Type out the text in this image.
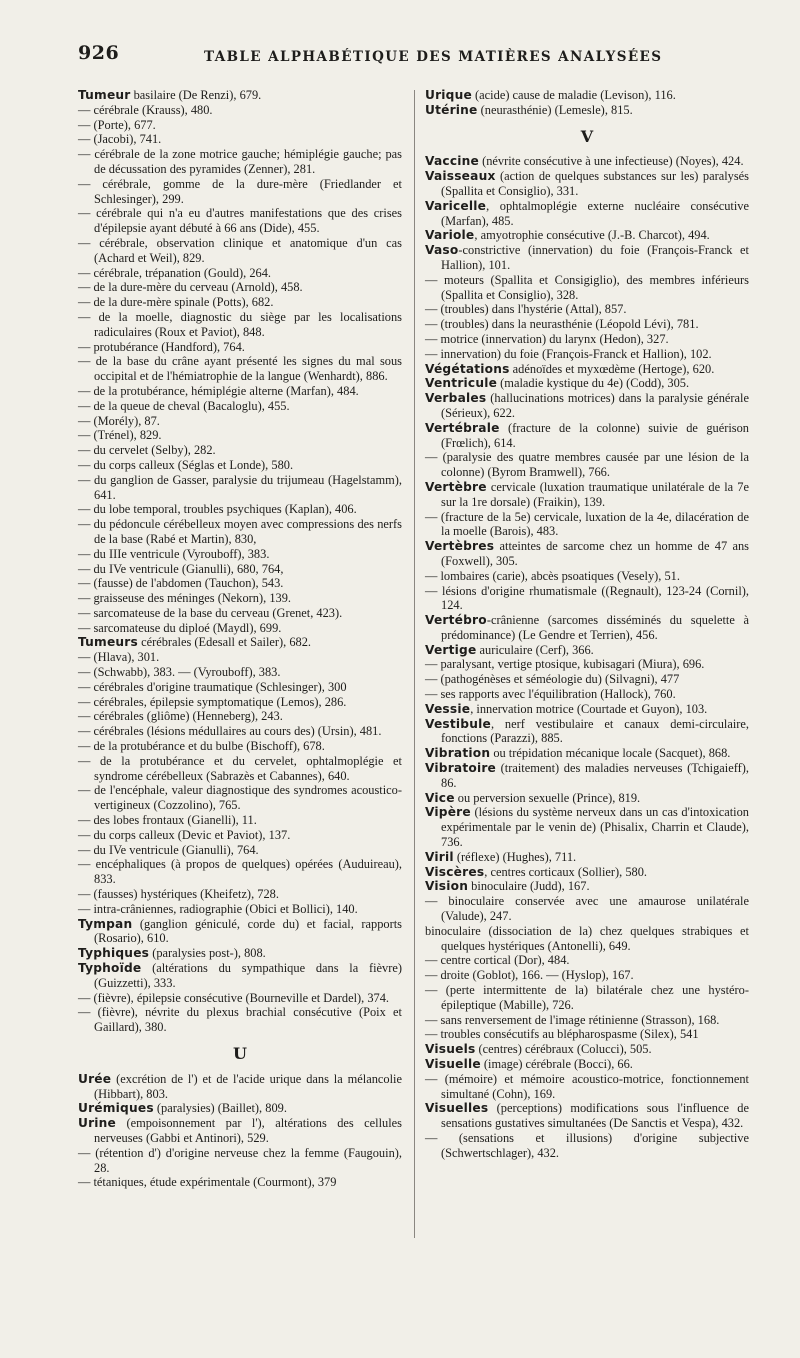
926	TABLE ALPHABÉTIQUE DES MATIÈRES ANALYSÉES

Tumeur basilaire (De Renzi), 679.

— cérébrale (Krauss), 480.

— (Porte), 677.

— (Jacobi), 741.

— cérébrale de la zone motrice gauche; hémiplégie gauche; pas de décussation des pyramides (Zenner), 281.

— cérébrale, gomme de la dure-mère (Friedlander et Schlesinger), 299.

— cérébrale qui n'a eu d'autres manifestations que des crises d'épilepsie ayant débuté à 66 ans (Dide), 455.

— cérébrale, observation clinique et anatomique d'un cas (Achard et Weil), 829.

— cérébrale, trépanation (Gould), 264.

— de la dure-mère du cerveau (Arnold), 458.

— de la dure-mère spinale (Potts), 682.

— de la moelle, diagnostic du siège par les localisations radiculaires (Roux et Paviot), 848.

— protubérance (Handford), 764.

— de la base du crâne ayant présenté les signes du mal sous occipital et de l'hémiatrophie de la langue (Wenhardt), 886.

— de la protubérance, hémiplégie alterne (Marfan), 484.

— de la queue de cheval (Bacaloglu), 455.

— (Morély), 87.

— (Trénel), 829.

— du cervelet (Selby), 282.

— du corps calleux (Séglas et Londe), 580.

— du ganglion de Gasser, paralysie du trijumeau (Hagelstamm), 641.

— du lobe temporal, troubles psychiques (Kaplan), 406.

— du pédoncule cérébelleux moyen avec compressions des nerfs de la base (Rabé et Martin), 830,

— du IIIe ventricule (Vyrouboff), 383.

— du IVe ventricule (Gianulli), 680, 764,

— (fausse) de l'abdomen (Tauchon), 543.

— graisseuse des méninges (Nekorn), 139.

— sarcomateuse de la base du cerveau (Grenet, 423).

— sarcomateuse du diploé (Maydl), 699.

Tumeurs cérébrales (Edesall et Sailer), 682.

— (Hlava), 301.

— (Schwabb), 383. — (Vyrouboff), 383.

— cérébrales d'origine traumatique (Schlesinger), 300

— cérébrales, épilepsie symptomatique (Lemos), 286.

— cérébrales (gliôme) (Henneberg), 243.

— cérébrales (lésions médullaires au cours des) (Ursin), 481.

— de la protubérance et du bulbe (Bischoff), 678.

— de la protubérance et du cervelet, ophtalmoplégie et syndrome cérébelleux (Sabrazès et Cabannes), 640.

— de l'encéphale, valeur diagnostique des syndromes acoustico-vertigineux (Cozzolino), 765.

— des lobes frontaux (Gianelli), 11.

— du corps calleux (Devic et Paviot), 137.

— du IVe ventricule (Gianulli), 764.

— encéphaliques (à propos de quelques) opérées (Auduireau), 833.

— (fausses) hystériques (Kheifetz), 728.

— intra-crâniennes, radiographie (Obici et Bollici), 140.

Tympan (ganglion géniculé, corde du) et facial, rapports (Rosario), 610.

Typhiques (paralysies post-), 808.

Typhoïde (altérations du sympathique dans la fièvre) (Guizzetti), 333.

— (fièvre), épilepsie consécutive (Bourneville et Dardel), 374.

— (fièvre), névrite du plexus brachial consécutive (Poix et Gaillard), 380.

U

Urée (excrétion de l') et de l'acide urique dans la mélancolie (Hibbart), 803.

Urémiques (paralysies) (Baillet), 809.

Urine (empoisonnement par l'), altérations des cellules nerveuses (Gabbi et Antinori), 529.

— (rétention d') d'origine nerveuse chez la femme (Faugouin), 28.

— tétaniques, étude expérimentale (Courmont), 379

Urique (acide) cause de maladie (Levison), 116.

Utérine (neurasthénie) (Lemesle), 815.

V

Vaccine (névrite consécutive à une infectieuse) (Noyes), 424.

Vaisseaux (action de quelques substances sur les) paralysés (Spallita et Consiglio), 331.

Varicelle, ophtalmoplégie externe nucléaire consécutive (Marfan), 485.

Variole, amyotrophie consécutive (J.-B. Charcot), 494.

Vaso-constrictive (innervation) du foie (François-Franck et Hallion), 101.

— moteurs (Spallita et Consigiglio), des membres inférieurs (Spallita et Consiglio), 328.

— (troubles) dans l'hystérie (Attal), 857.

— (troubles) dans la neurasthénie (Léopold Lévi), 781.

— motrice (innervation) du larynx (Hedon), 327.

— innervation) du foie (François-Franck et Hallion), 102.

Végétations adénoïdes et myxœdème (Hertoge), 620.

Ventricule (maladie kystique du 4e) (Codd), 305.

Verbales (hallucinations motrices) dans la paralysie générale (Sérieux), 622.

Vertébrale (fracture de la colonne) suivie de guérison (Frœlich), 614.

— (paralysie des quatre membres causée par une lésion de la colonne) (Byrom Bramwell), 766.

Vertèbre cervicale (luxation traumatique unilatérale de la 7e sur la 1re dorsale) (Fraikin), 139.

— (fracture de la 5e) cervicale, luxation de la 4e, dilacération de la moelle (Barois), 483.

Vertèbres atteintes de sarcome chez un homme de 47 ans (Foxwell), 305.

— lombaires (carie), abcès psoatiques (Vesely), 51.

— lésions d'origine rhumatismale ((Regnault), 123-24 (Cornil), 124.

Vertébro-crânienne (sarcomes disséminés du squelette à prédominance) (Le Gendre et Terrien), 456.

Vertige auriculaire (Cerf), 366.

— paralysant, vertige ptosique, kubisagari (Miura), 696.

— (pathogénèses et séméologie du) (Silvagni), 477

— ses rapports avec l'équilibration (Hallock), 760.

Vessie, innervation motrice (Courtade et Guyon), 103.

Vestibule, nerf vestibulaire et canaux demi-circulaire, fonctions (Parazzi), 885.

Vibration ou trépidation mécanique locale (Sacquet), 868.

Vibratoire (traitement) des maladies nerveuses (Tchigaieff), 86.

Vice ou perversion sexuelle (Prince), 819.

Vipère (lésions du système nerveux dans un cas d'intoxication expérimentale par le venin de) (Phisalix, Charrin et Claude), 736.

Viril (réflexe) (Hughes), 711.

Viscères, centres corticaux (Sollier), 580.

Vision binoculaire (Judd), 167.

— binoculaire conservée avec une amaurose unilatérale (Valude), 247.

binoculaire (dissociation de la) chez quelques strabiques et quelques hystériques (Antonelli), 649.

— centre cortical (Dor), 484.

— droite (Goblot), 166. — (Hyslop), 167.

— (perte intermittente de la) bilatérale chez une hystéro-épileptique (Mabille), 726.

— sans renversement de l'image rétinienne (Strasson), 168.

— troubles consécutifs au blépharospasme (Silex), 541

Visuels (centres) cérébraux (Colucci), 505.

Visuelle (image) cérébrale (Bocci), 66.

— (mémoire) et mémoire acoustico-motrice, fonctionnement simultané (Cohn), 169.

Visuelles (perceptions) modifications sous l'influence de sensations gustatives simultanées (De Sanctis et Vespa), 432.

— (sensations et illusions) d'origine subjective (Schwertschlager), 432.
